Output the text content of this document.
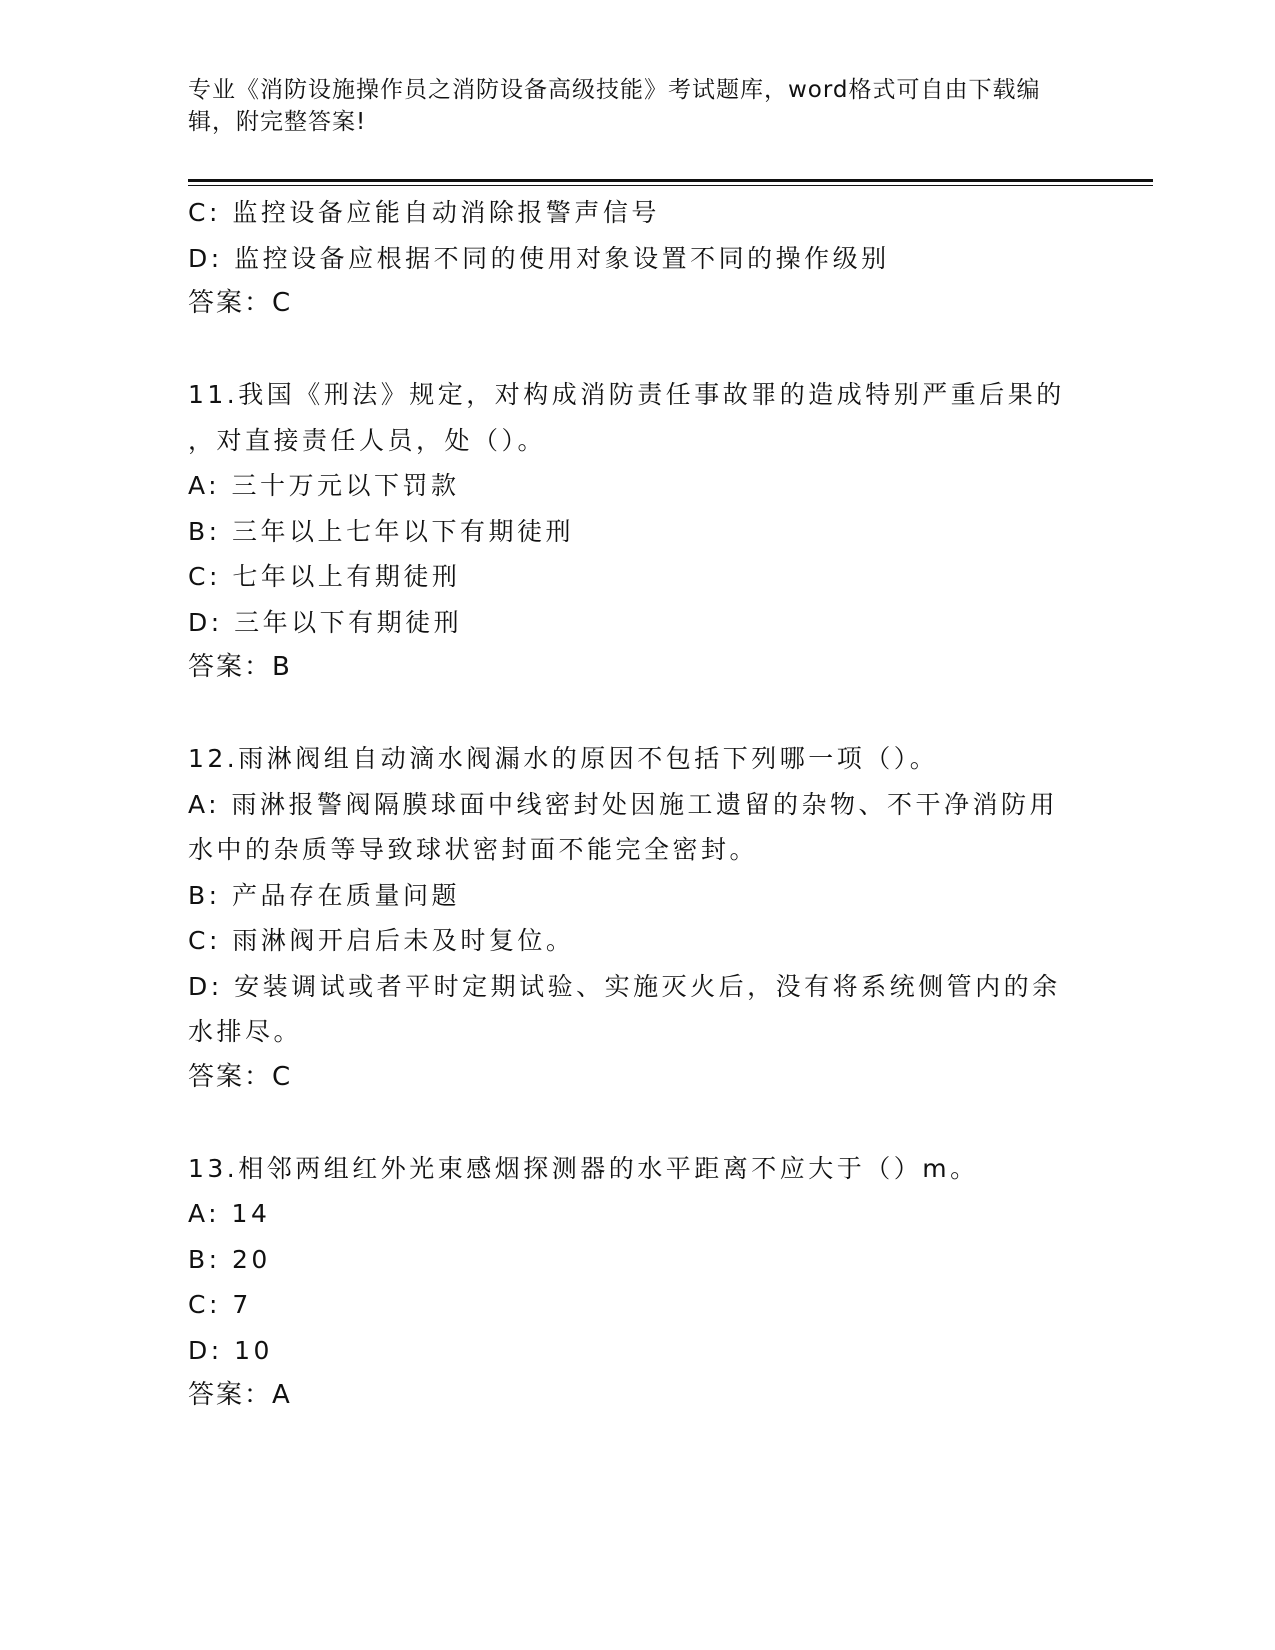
专业《消防设施操作员之消防设备高级技能》考试题库，word格式可自由下载编
辑，附完整答案!
C: 监控设备应能自动消除报警声信号
D: 监控设备应根据不同的使用对象设置不同的操作级别
答案：C
11.我国《刑法》规定，对构成消防责任事故罪的造成特别严重后果的
，对直接责任人员，处（）。
A: 三十万元以下罚款
B: 三年以上七年以下有期徒刑
C: 七年以上有期徒刑
D: 三年以下有期徒刑
答案：B
12.雨淋阀组自动滴水阀漏水的原因不包括下列哪一项（）。
A: 雨淋报警阀隔膜球面中线密封处因施工遗留的杂物、不干净消防用
水中的杂质等导致球状密封面不能完全密封。
B: 产品存在质量问题
C: 雨淋阀开启后未及时复位。
D: 安装调试或者平时定期试验、实施灭火后，没有将系统侧管内的余
水排尽。
答案：C
13.相邻两组红外光束感烟探测器的水平距离不应大于（）m。
A: 14
B: 20
C: 7
D: 10
答案：A
